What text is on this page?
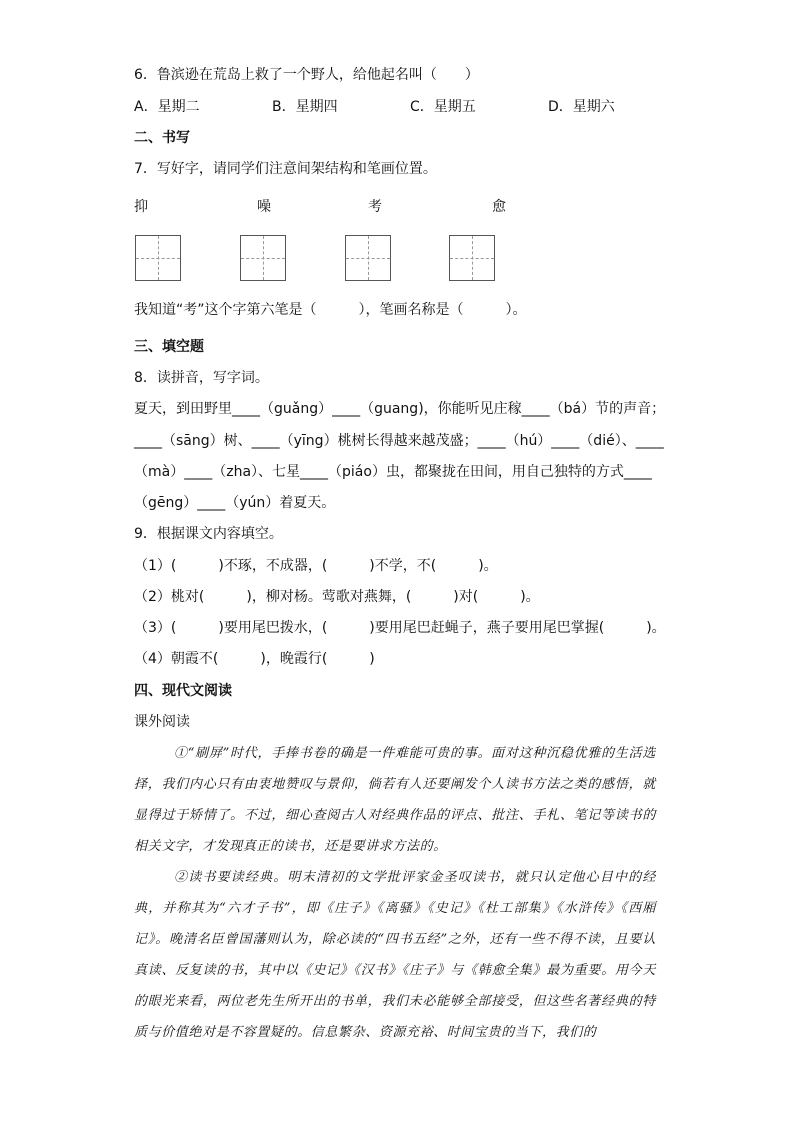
6．鲁滨逊在荒岛上救了一个野人，给他起名叫（　　）
A．星期二	B．星期四	C．星期五	D．星期六
二、书写
7．写好字，请同学们注意间架结构和笔画位置。
抑	噪	考	愈
我知道“考”这个字第六笔是（　　　），笔画名称是（　　　）。
三、填空题
8．读拼音，写字词。
夏天，到田野里____（guǎng）____（guang)，你能听见庄稼____（bá）节的声音；
____（sāng）树、____（yīng）桃树长得越来越茂盛；____（hú）____（dié）、____
（mà）____（zha）、七星____（piáo）虫，都聚拢在田间，用自己独特的方式____
（gēng）____（yún）着夏天。
9．根据课文内容填空。
（1）(　　　)不琢，不成器，(　　　)不学，不(　　　)。
（2）桃对(　　　)，柳对杨。莺歌对燕舞，(　　　)对(　　　)。
（3）(　　　)要用尾巴拨水，(　　　)要用尾巴赶蝇子，燕子要用尾巴掌握(　　　)。
（4）朝霞不(　　　)，晚霞行(　　　)
四、现代文阅读
课外阅读
①“刷屏”时代，手捧书卷的确是一件难能可贵的事。面对这种沉稳优雅的生活选择，我们内心只有由衷地赞叹与景仰，倘若有人还要阐发个人读书方法之类的感悟，就显得过于矫情了。不过，细心查阅古人对经典作品的评点、批注、手札、笔记等读书的相关文字，才发现真正的读书，还是要讲求方法的。
②读书要读经典。明末清初的文学批评家金圣叹读书，就只认定他心目中的经典，并称其为“六才子书”，即《庄子》《离骚》《史记》《杜工部集》《水浒传》《西厢记》。晚清名臣曾国藩则认为，除必读的“四书五经”之外，还有一些不得不读，且要认真读、反复读的书，其中以《史记》《汉书》《庄子》与《韩愈全集》最为重要。用今天的眼光来看，两位老先生所开出的书单，我们未必能够全部接受，但这些名著经典的特质与价值绝对是不容置疑的。信息繁杂、资源充裕、时间宝贵的当下，我们的
